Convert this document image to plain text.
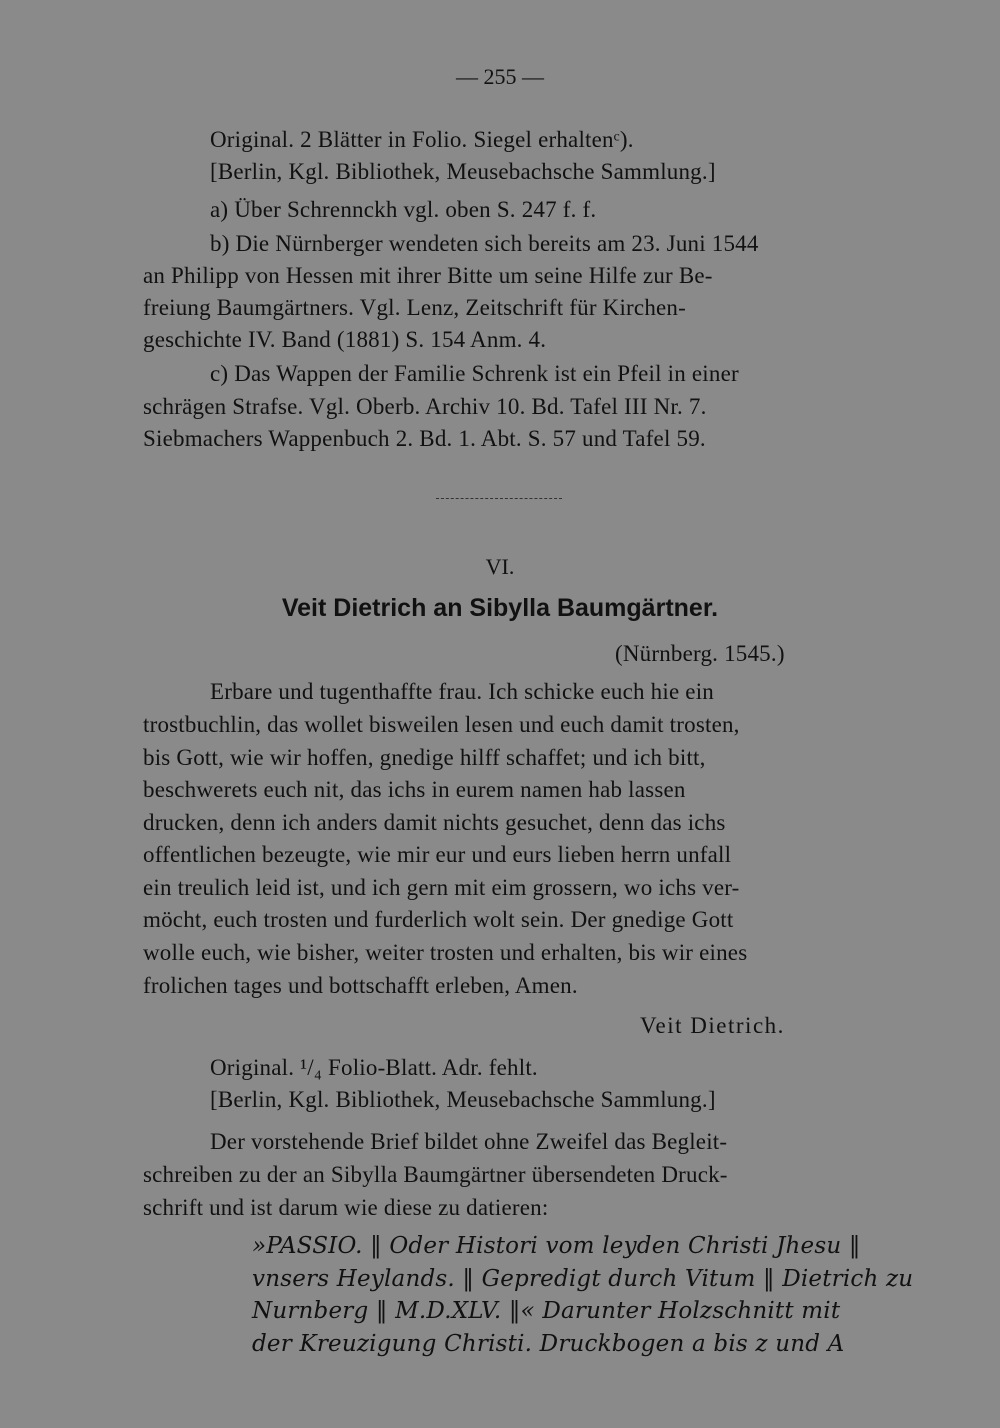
— 255 —
Original. 2 Blätter in Folio. Siegel erhaltenᶜ).
[Berlin, Kgl. Bibliothek, Meusebachsche Sammlung.]
a) Über Schrennckh vgl. oben S. 247 f. f.
b) Die Nürnberger wendeten sich bereits am 23. Juni 1544
an Philipp von Hessen mit ihrer Bitte um seine Hilfe zur Be-
freiung Baumgärtners. Vgl. Lenz, Zeitschrift für Kirchen-
geschichte IV. Band (1881) S. 154 Anm. 4.
c) Das Wappen der Familie Schrenk ist ein Pfeil in einer
schrägen Strafse. Vgl. Oberb. Archiv 10. Bd. Tafel III Nr. 7.
Siebmachers Wappenbuch 2. Bd. 1. Abt. S. 57 und Tafel 59.
VI.
Veit Dietrich an Sibylla Baumgärtner.
(Nürnberg. 1545.)
Erbare und tugenthaffte frau. Ich schicke euch hie ein
trostbuchlin, das wollet bisweilen lesen und euch damit trosten,
bis Gott, wie wir hoffen, gnedige hilff schaffet; und ich bitt,
beschwerets euch nit, das ichs in eurem namen hab lassen
drucken, denn ich anders damit nichts gesuchet, denn das ichs
offentlichen bezeugte, wie mir eur und eurs lieben herrn unfall
ein treulich leid ist, und ich gern mit eim grossern, wo ichs ver-
möcht, euch trosten und furderlich wolt sein. Der gnedige Gott
wolle euch, wie bisher, weiter trosten und erhalten, bis wir eines
frolichen tages und bottschafft erleben, Amen.
Veit Dietrich.
Original. ¹/₄ Folio-Blatt. Adr. fehlt.
[Berlin, Kgl. Bibliothek, Meusebachsche Sammlung.]
Der vorstehende Brief bildet ohne Zweifel das Begleit-
schreiben zu der an Sibylla Baumgärtner übersendeten Druck-
schrift und ist darum wie diese zu datieren:
»PASSIO. ‖ Oder Histori vom leyden Christi Jhesu ‖
vnsers Heylands. ‖ Gepredigt durch Vitum ‖ Dietrich zu
Nurnberg ‖ M.D.XLV. ‖« Darunter Holzschnitt mit
der Kreuzigung Christi. Druckbogen a bis z und A
